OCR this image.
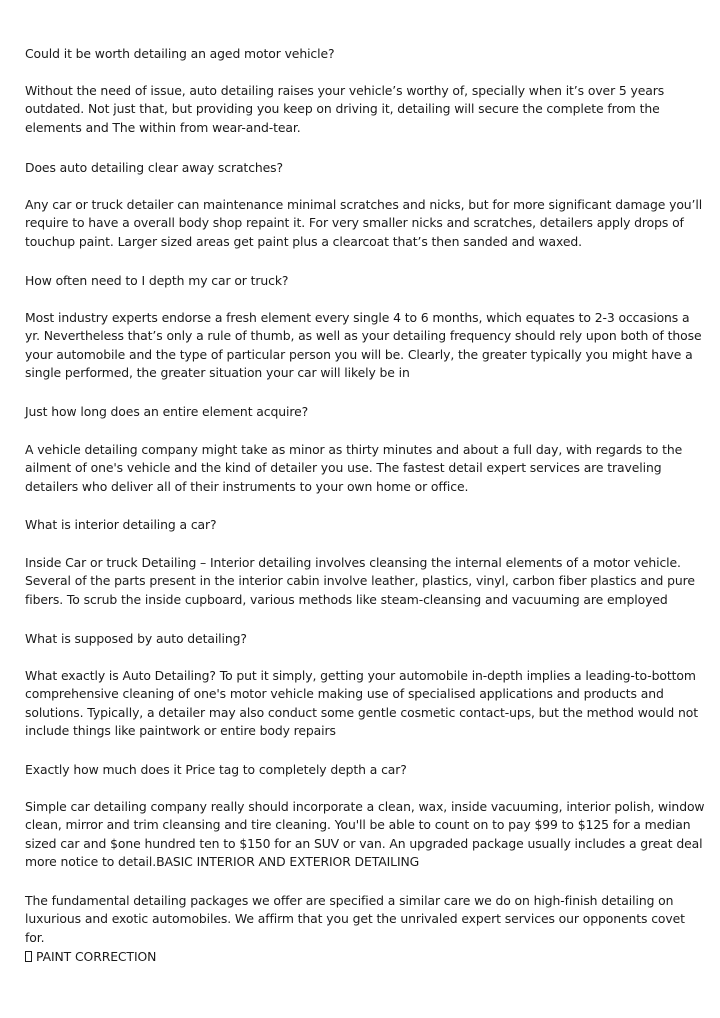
Could it be worth detailing an aged motor vehicle?

Without the need of issue, auto detailing raises your vehicle’s worthy of, specially when it’s over 5 years outdated. Not just that, but providing you keep on driving it, detailing will secure the complete from the elements and The within from wear-and-tear.

Does auto detailing clear away scratches?

Any car or truck detailer can maintenance minimal scratches and nicks, but for more significant damage you’ll require to have a overall body shop repaint it. For very smaller nicks and scratches, detailers apply drops of touchup paint. Larger sized areas get paint plus a clearcoat that’s then sanded and waxed.

How often need to I depth my car or truck?

Most industry experts endorse a fresh element every single 4 to 6 months, which equates to 2-3 occasions a yr. Nevertheless that’s only a rule of thumb, as well as your detailing frequency should rely upon both of those your automobile and the type of particular person you will be. Clearly, the greater typically you might have a single performed, the greater situation your car will likely be in

Just how long does an entire element acquire?

A vehicle detailing company might take as minor as thirty minutes and about a full day, with regards to the ailment of one's vehicle and the kind of detailer you use. The fastest detail expert services are traveling detailers who deliver all of their instruments to your own home or office.

What is interior detailing a car?

Inside Car or truck Detailing – Interior detailing involves cleansing the internal elements of a motor vehicle. Several of the parts present in the interior cabin involve leather, plastics, vinyl, carbon fiber plastics and pure fibers. To scrub the inside cupboard, various methods like steam-cleansing and vacuuming are employed

What is supposed by auto detailing?

What exactly is Auto Detailing? To put it simply, getting your automobile in-depth implies a leading-to-bottom comprehensive cleaning of one's motor vehicle making use of specialised applications and products and solutions. Typically, a detailer may also conduct some gentle cosmetic contact-ups, but the method would not include things like paintwork or entire body repairs

Exactly how much does it Price tag to completely depth a car?

Simple car detailing company really should incorporate a clean, wax, inside vacuuming, interior polish, window clean, mirror and trim cleansing and tire cleaning. You'll be able to count on to pay $99 to $125 for a median sized car and $one hundred ten to $150 for an SUV or van. An upgraded package usually includes a great deal more notice to detail.BASIC INTERIOR AND EXTERIOR DETAILING

The fundamental detailing packages we offer are specified a similar care we do on high-finish detailing on luxurious and exotic automobiles. We affirm that you get the unrivaled expert services our opponents covet for.

PAINT CORRECTION
